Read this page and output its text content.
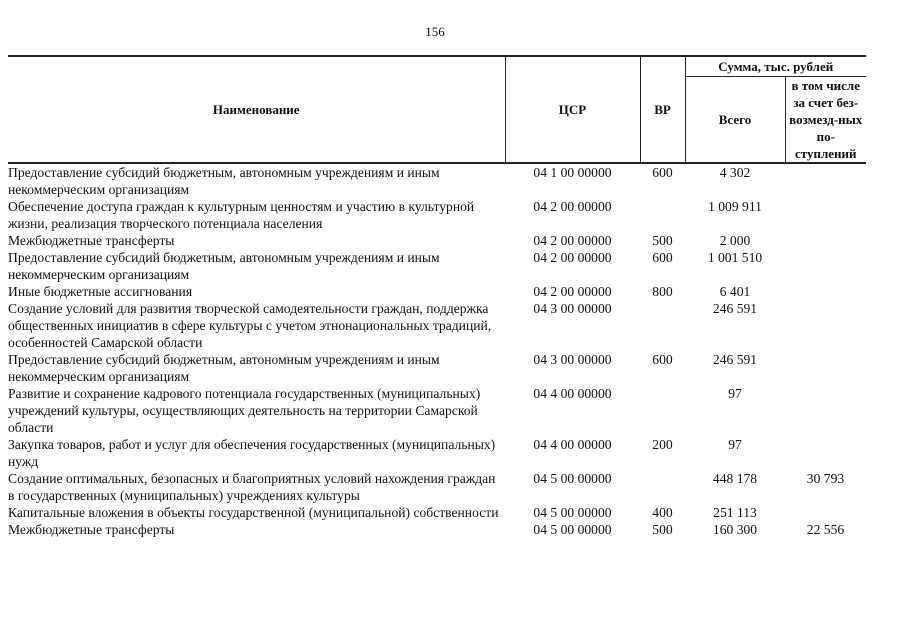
156
Наименование	ЦСР	ВР	Сумма, тыс. рублей	
			Всего	в том числе за счет без-возмезд-ных по-ступлений
Предоставление субсидий бюджетным, автономным учреждениям и иным некоммерческим организациям	04 1 00 00000	600	4 302	
Обеспечение доступа граждан к культурным ценностям и участию в культурной жизни, реализация творческого потенциала населения	04 2 00 00000		1 009 911	
Межбюджетные трансферты	04 2 00 00000	500	2 000	
Предоставление субсидий бюджетным, автономным учреждениям и иным некоммерческим организациям	04 2 00 00000	600	1 001 510	
Иные бюджетные ассигнования	04 2 00 00000	800	6 401	
Создание условий для развития творческой самодеятельности граждан, поддержка общественных инициатив в сфере культуры с учетом этнонациональных традиций, особенностей Самарской области	04 3 00 00000		246 591	
Предоставление субсидий бюджетным, автономным учреждениям и иным некоммерческим организациям	04 3 00 00000	600	246 591	
Развитие и сохранение кадрового потенциала государственных (муниципальных) учреждений культуры, осуществляющих деятельность на территории Самарской области	04 4 00 00000		97	
Закупка товаров, работ и услуг для обеспечения государственных (муниципальных) нужд	04 4 00 00000	200	97	
Создание оптимальных, безопасных и благоприятных условий нахождения граждан в государственных (муниципальных) учреждениях культуры	04 5 00 00000		448 178	30 793
Капитальные вложения в объекты государственной (муниципальной) собственности	04 5 00 00000	400	251 113	
Межбюджетные трансферты	04 5 00 00000	500	160 300	22 556
